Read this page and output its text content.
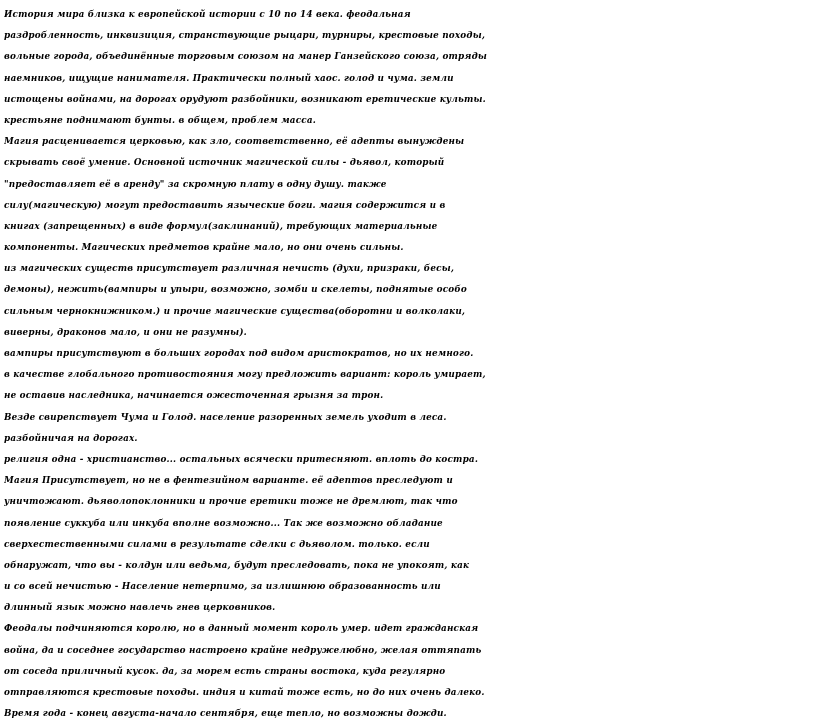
История мира близка к европейской истории с 10 по 14 века. феодальная
раздробленность, инквизиция, странствующие рыцари, турниры, крестовые походы,
вольные города, объединённые торговым союзом на манер Ганзейского союза, отряды
наемников, ищущие нанимателя. Практически полный хаос. голод и чума. земли
истощены войнами, на дорогах орудуют разбойники, возникают еретические культы.
крестьяне поднимают бунты. в общем, проблем масса.
Магия расценивается церковью, как зло, соответственно, её адепты вынуждены
скрывать своё умение. Основной источник магической силы - дьявол, который
"предоставляет её в аренду" за скромную плату в одну душу. также
силу(магическую) могут предоставить языческие боги. магия содержится и в
книгах (запрещенных) в виде формул(заклинаний), требующих материальные
компоненты. Магических предметов крайне мало, но они очень сильны.
из магических существ присутствует различная нечисть (духи, призраки, бесы,
демоны), нежить(вампиры и упыри, возможно, зомби и скелеты, поднятые особо
сильным чернокнижником.) и прочие магические существа(оборотни и волколаки,
виверны, драконов мало, и они не разумны).
вампиры присутствуют в больших городах под видом аристократов, но их немного.
в качестве глобального противостояния могу предложить вариант: король умирает,
не оставив наследника, начинается ожесточенная грызня за трон.
Везде свирепствует Чума и Голод. население разоренных земель уходит в леса.
разбойничая на дорогах.
религия одна - христианство... остальных всячески притесняют. вплоть до костра.
Магия Присутствует, но не в фентезийном варианте. её адептов преследуют и
уничтожают. дьяволопоклонники и прочие еретики тоже не дремлют, так что
появление суккуба или инкуба вполне возможно... Так же возможно обладание
сверхестественными силами в результате сделки с дьяволом. только. если
обнаружат, что вы - колдун или ведьма, будут преследовать, пока не упокоят, как
и со всей нечистью - Население нетерпимо, за излишнюю образованность или
длинный язык можно навлечь гнев церковников.
Феодалы подчиняются королю, но в данный момент король умер. идет гражданская
война, да и соседнее государство настроено крайне недружелюбно, желая оттяпать
от соседа приличный кусок. да, за морем есть страны востока, куда регулярно
отправляются крестовые походы. индия и китай тоже есть, но до них очень далеко.
Время года - конец августа-начало сентября, еще тепло, но возможны дожди.
